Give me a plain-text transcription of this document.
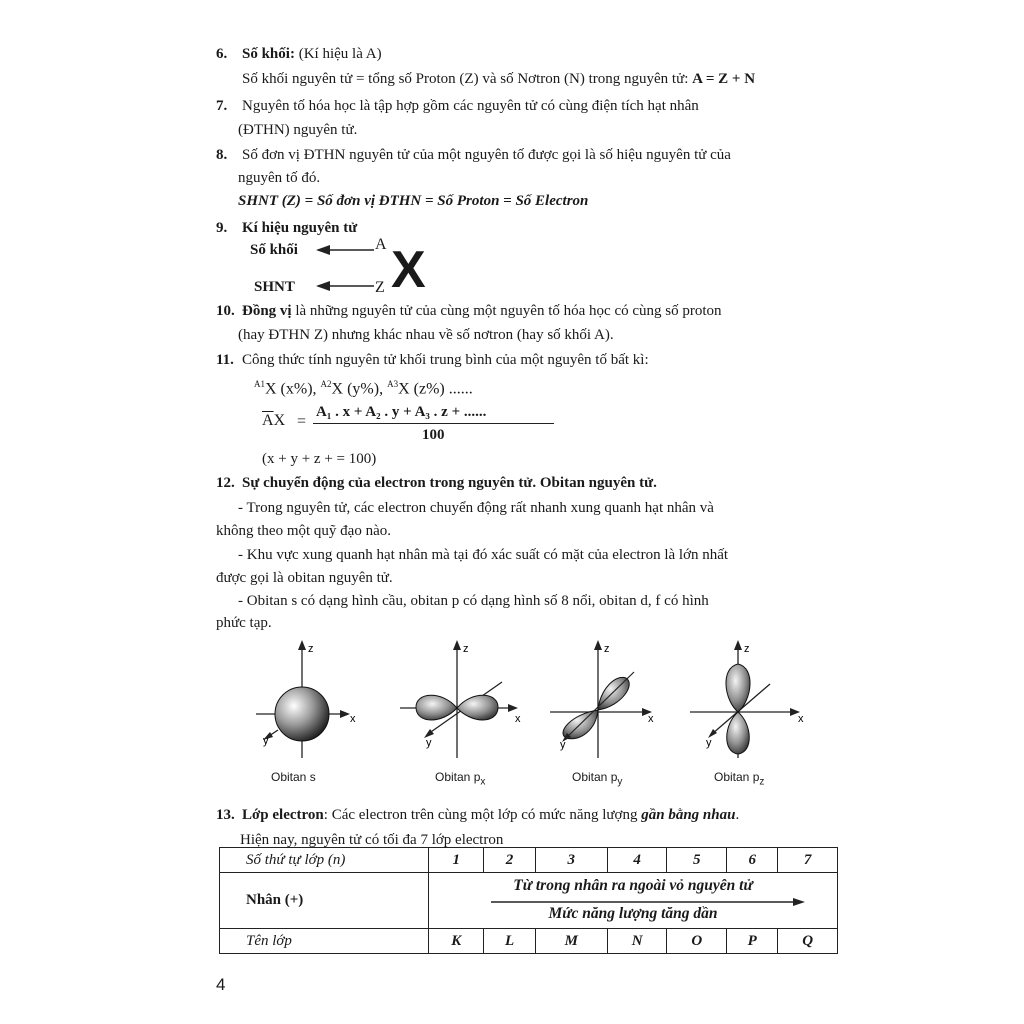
6. Số khối: (Kí hiệu là A)
Số khối nguyên tử = tổng số Proton (Z) và số Nơtron (N) trong nguyên tử: A = Z + N
7. Nguyên tố hóa học là tập hợp gồm các nguyên tử có cùng điện tích hạt nhân
(ĐTHN) nguyên tử.
8. Số đơn vị ĐTHN nguyên tử của một nguyên tố được gọi là số hiệu nguyên tử của
nguyên tố đó.
SHNT (Z) = Số đơn vị ĐTHN = Số Proton = Số Electron
9. Kí hiệu nguyên tử
Số khối
SHNT
A
Z X
10. Đồng vị là những nguyên tử của cùng một nguyên tố hóa học có cùng số proton
(hay ĐTHN Z) nhưng khác nhau về số nơtron (hay số khối A).
11. Công thức tính nguyên tử khối trung bình của một nguyên tố bất kì:
$^{A1}$X (x%), $^{A2}$X (y%), $^{A3}$X (z%) ......
$\overline{A}X$ =
A₁ . x + A₂ . y + A₃ . z + ......
100
(x + y + z + = 100)
12. Sự chuyển động của electron trong nguyên tử. Obitan nguyên tử.
- Trong nguyên tử, các electron chuyển động rất nhanh xung quanh hạt nhân và
không theo một quỹ đạo nào.
- Khu vực xung quanh hạt nhân mà tại đó xác suất có mặt của electron là lớn nhất
được gọi là obitan nguyên tử.
- Obitan s có dạng hình cầu, obitan p có dạng hình số 8 nổi, obitan d, f có hình
phức tạp.
z
x
y
z
x
y
z
x
y
z
x
y
Obitan s	Obitan $p_x$	Obitan $p_y$	Obitan $p_z$
13. Lớp electron: Các electron trên cùng một lớp có mức năng lượng gần bằng nhau.
Hiện nay, nguyên tử có tối đa 7 lớp electron
Số thứ tự lớp (n)	1	2	3	4	5	6	7
Nhân (+)	Từ trong nhân ra ngoài vỏ nguyên tử
Mức năng lượng tăng dần						

Tên lớp	K	L	M	N	O	P	Q
4
